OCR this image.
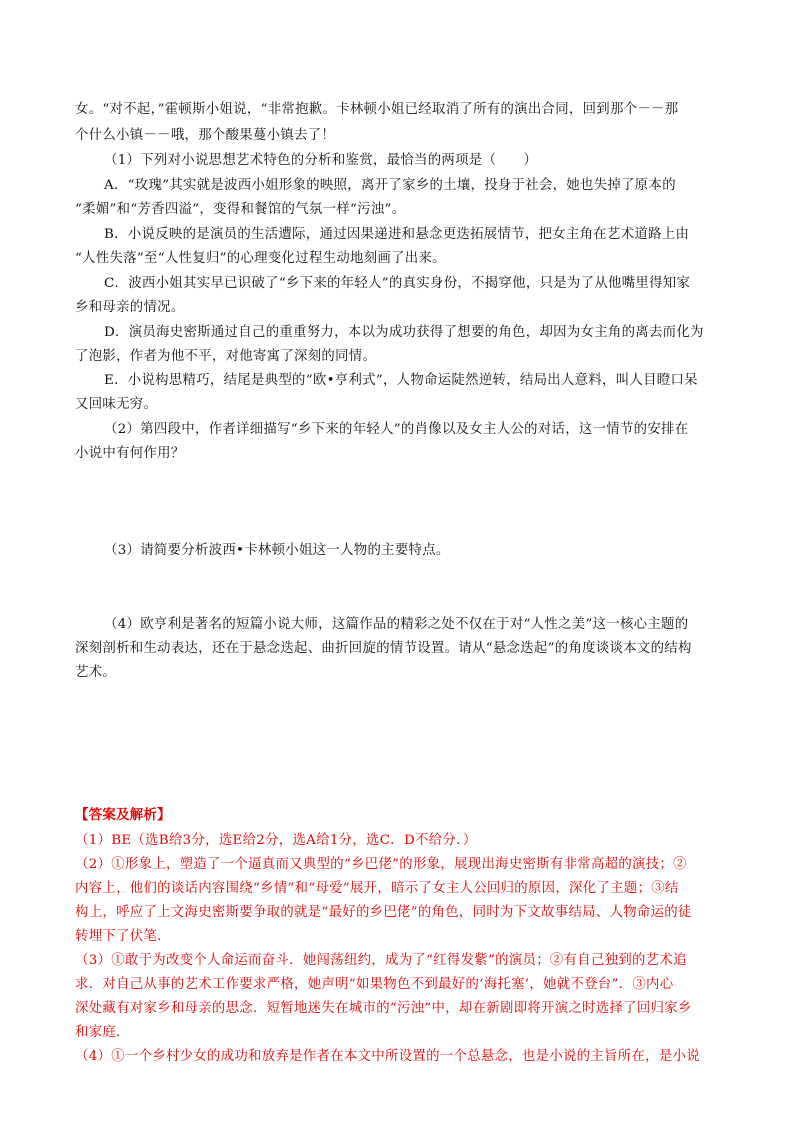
女。“对不起，”霍顿斯小姐说，“非常抱歉。卡林顿小姐已经取消了所有的演出合同，回到那个－－那
个什么小镇－－哦，那个酸果蔓小镇去了！
（1）下列对小说思想艺术特色的分析和鉴赏，最恰当的两项是（　　）
A．“玫瑰”其实就是波西小姐形象的映照，离开了家乡的土壤，投身于社会，她也失掉了原本的
“柔媚”和“芳香四溢”，变得和餐馆的气氛一样“污浊”。
B．小说反映的是演员的生活遭际，通过因果递进和悬念更迭拓展情节，把女主角在艺术道路上由
“人性失落”至“人性复归”的心理变化过程生动地刻画了出来。
C．波西小姐其实早已识破了“乡下来的年轻人”的真实身份，不揭穿他，只是为了从他嘴里得知家
乡和母亲的情况。
D．演员海史密斯通过自己的重重努力，本以为成功获得了想要的角色，却因为女主角的离去而化为
了泡影，作者为他不平，对他寄寓了深刻的同情。
E．小说构思精巧，结尾是典型的“欧•亨利式”，人物命运陡然逆转，结局出人意料，叫人目瞪口呆
又回味无穷。
（2）第四段中，作者详细描写“乡下来的年轻人”的肖像以及女主人公的对话，这一情节的安排在
小说中有何作用？
（3）请简要分析波西•卡林顿小姐这一人物的主要特点。
（4）欧亨利是著名的短篇小说大师，这篇作品的精彩之处不仅在于对“人性之美”这一核心主题的
深刻剖析和生动表达，还在于悬念迭起、曲折回旋的情节设置。请从“悬念迭起”的角度谈谈本文的结构
艺术。
【答案及解析】
（1）BE（选B给3分，选E给2分，选A给1分，选C．D不给分．）
（2）①形象上，塑造了一个逼真而又典型的“乡巴佬”的形象，展现出海史密斯有非常高超的演技；②
内容上，他们的谈话内容围绕“乡情”和“母爱”展开，暗示了女主人公回归的原因，深化了主题；③结
构上，呼应了上文海史密斯要争取的就是“最好的乡巴佬”的角色，同时为下文故事结局、人物命运的徒
转埋下了伏笔．
（3）①敢于为改变个人命运而奋斗．她闯荡纽约，成为了“红得发紫”的演员；②有自己独到的艺术追
求．对自己从事的艺术工作要求严格，她声明“如果物色不到最好的‘海托塞’，她就不登台”．③内心
深处藏有对家乡和母亲的思念．短暂地迷失在城市的“污浊”中，却在新剧即将开演之时选择了回归家乡
和家庭．
（4）①一个乡村少女的成功和放弃是作者在本文中所设置的一个总悬念，也是小说的主旨所在，是小说
